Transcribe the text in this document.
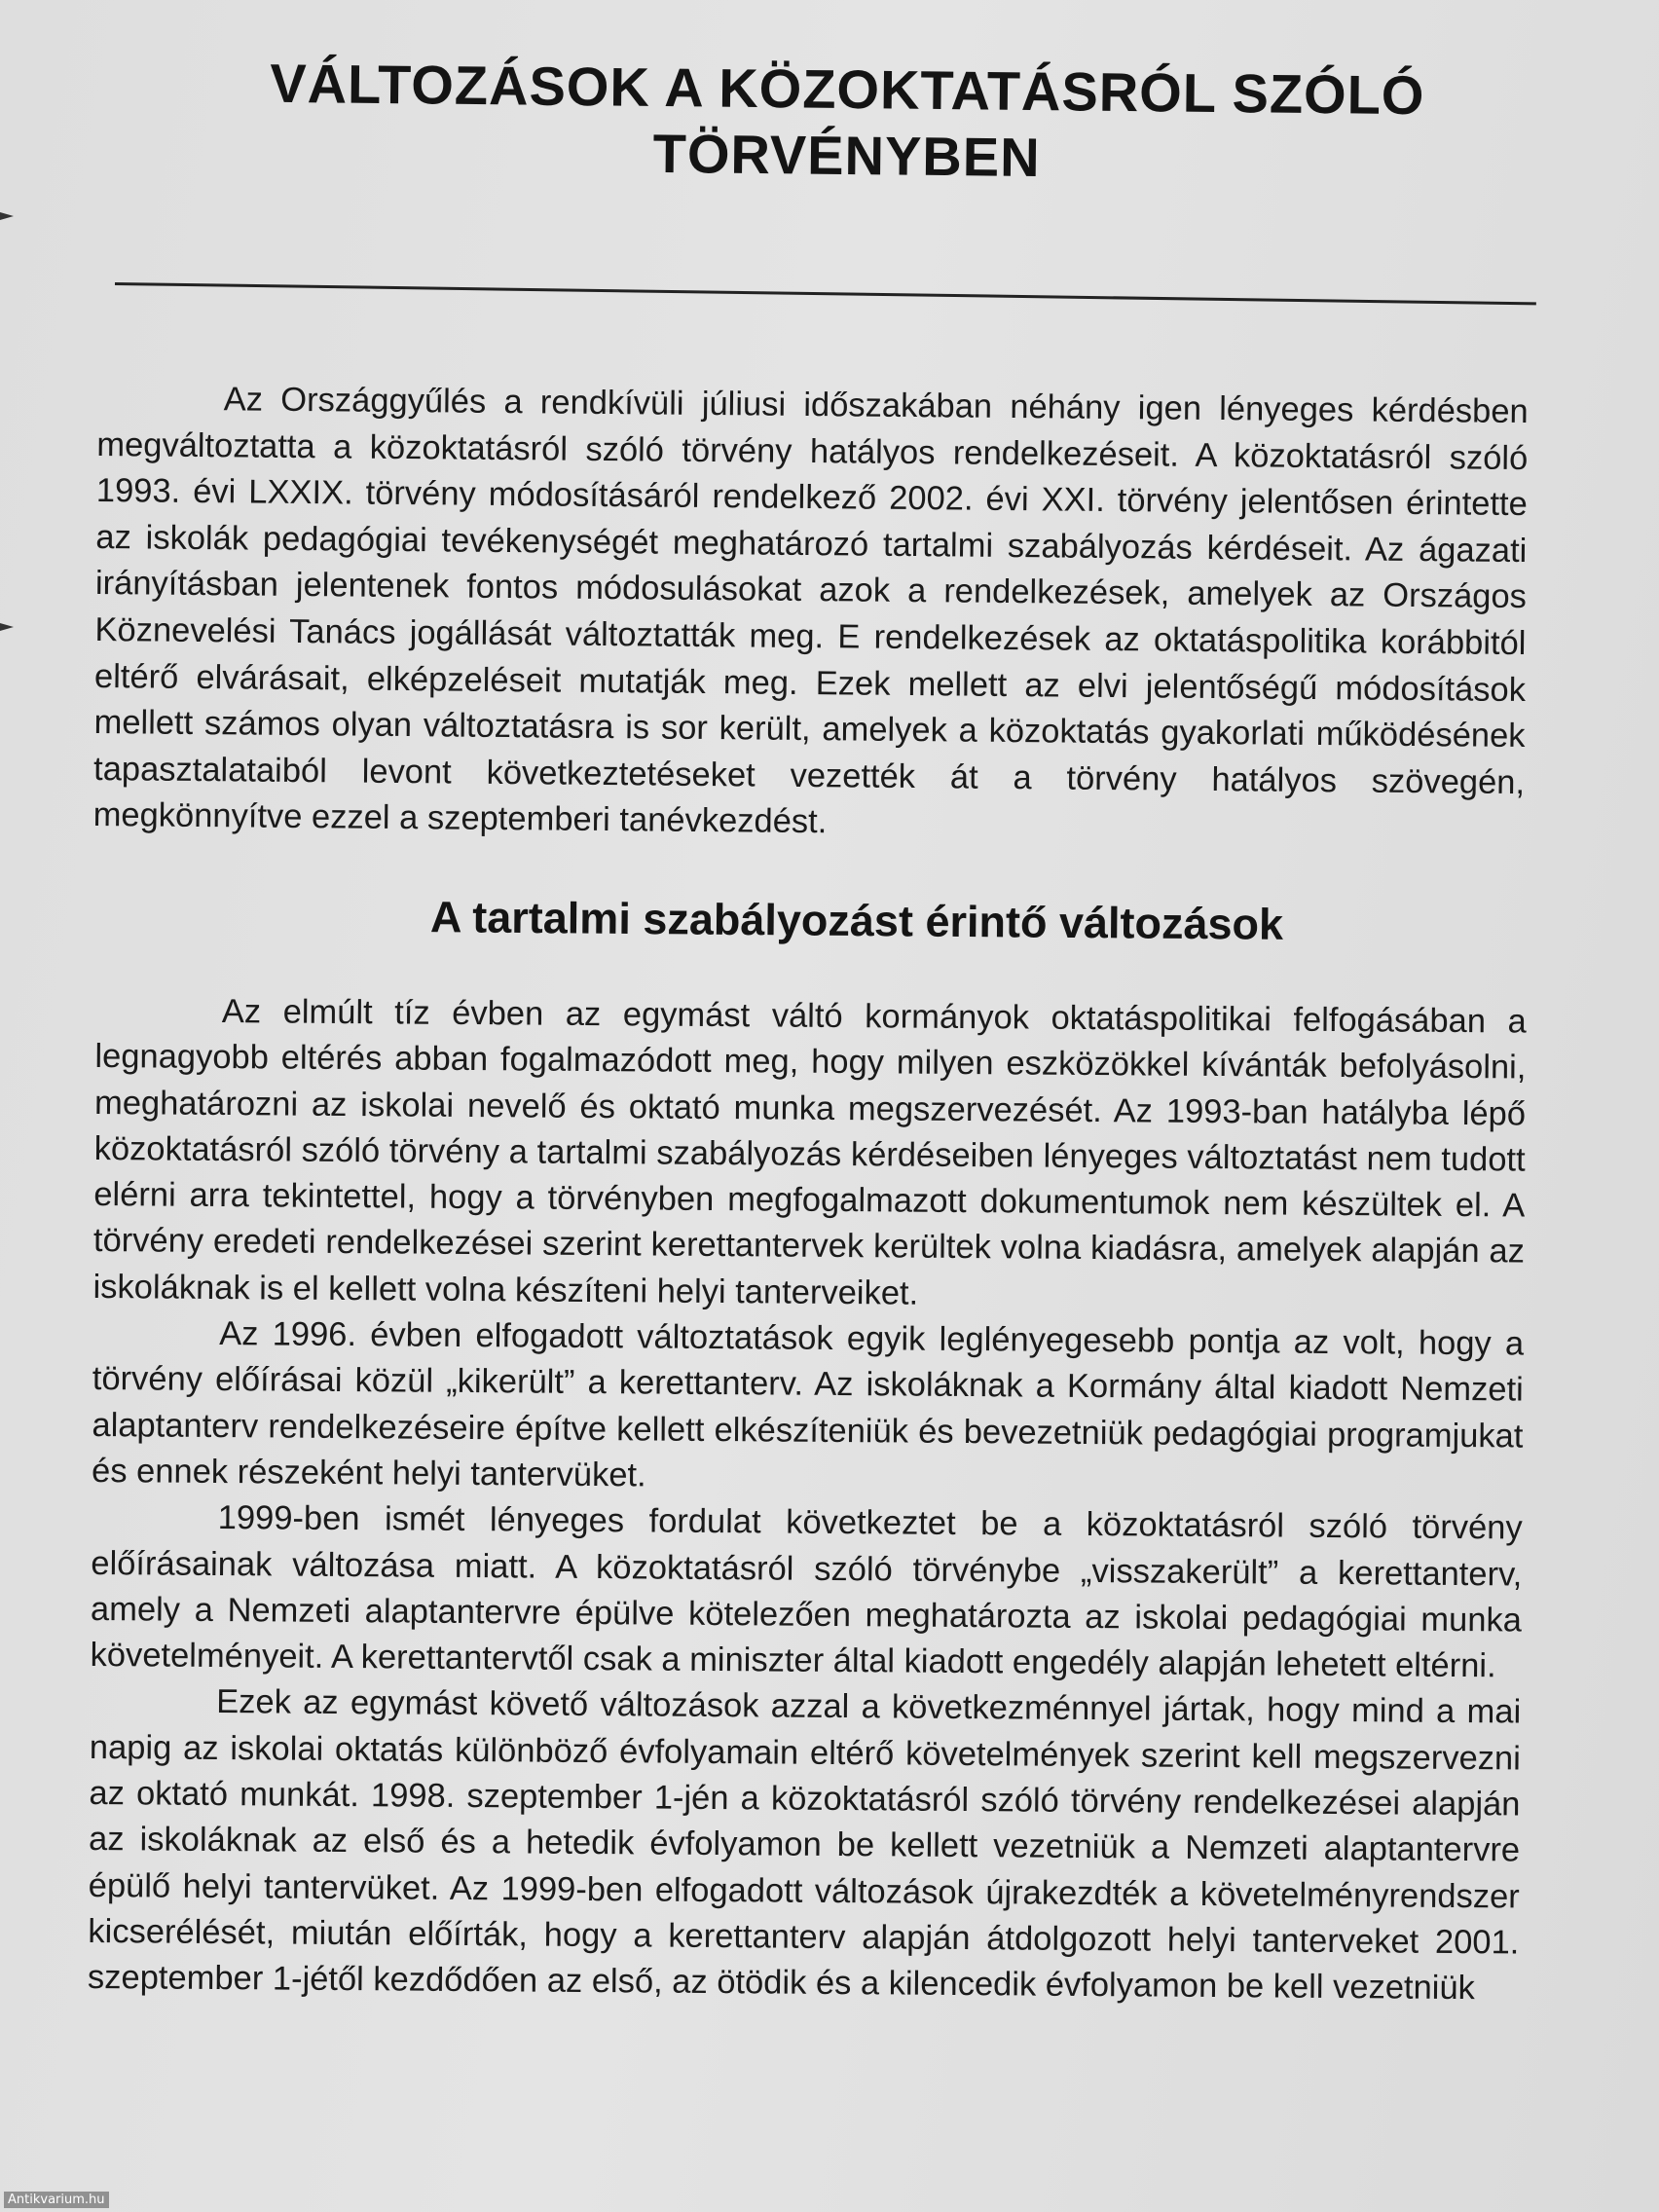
VÁLTOZÁSOK A KÖZOKTATÁSRÓL SZÓLÓ
TÖRVÉNYBEN

Az Országgyűlés a rendkívüli júliusi időszakában néhány igen lényeges kérdésben megváltoztatta a közoktatásról szóló törvény hatályos rendelkezéseit. A közoktatásról szóló 1993. évi LXXIX. törvény módosításáról rendelkező 2002. évi XXI. törvény jelentősen érintette az iskolák pedagógiai tevékenységét meghatározó tartalmi szabályozás kérdéseit. Az ágazati irányításban jelentenek fontos módosulásokat azok a rendelkezések, amelyek az Országos Köznevelési Tanács jogállását változtatták meg. E rendelkezések az oktatáspolitika korábbitól eltérő elvárásait, elképzeléseit mutatják meg. Ezek mellett az elvi jelentőségű módosítások mellett számos olyan változtatásra is sor került, amelyek a közoktatás gyakorlati működésének tapasztalataiból levont következtetéseket vezették át a törvény hatályos szövegén, megkönnyítve ezzel a szeptemberi tanévkezdést.

A tartalmi szabályozást érintő változások

Az elmúlt tíz évben az egymást váltó kormányok oktatáspolitikai felfogásában a legnagyobb eltérés abban fogalmazódott meg, hogy milyen eszközökkel kívánták befolyásolni, meghatározni az iskolai nevelő és oktató munka megszervezését. Az 1993-ban hatályba lépő közoktatásról szóló törvény a tartalmi szabályozás kérdéseiben lényeges változtatást nem tudott elérni arra tekintettel, hogy a törvényben megfogalmazott dokumentumok nem készültek el. A törvény eredeti rendelkezései szerint kerettantervek kerültek volna kiadásra, amelyek alapján az iskoláknak is el kellett volna készíteni helyi tanterveiket.

Az 1996. évben elfogadott változtatások egyik leglényegesebb pontja az volt, hogy a törvény előírásai közül „kikerült” a kerettanterv. Az iskoláknak a Kormány által kiadott Nemzeti alaptanterv rendelkezéseire építve kellett elkészíteniük és bevezetniük pedagógiai programjukat és ennek részeként helyi tantervüket.

1999-ben ismét lényeges fordulat következtet be a közoktatásról szóló törvény előírásainak változása miatt. A közoktatásról szóló törvénybe „visszakerült” a kerettanterv, amely a Nemzeti alaptantervre épülve kötelezően meghatározta az iskolai pedagógiai munka követelményeit. A kerettantervtől csak a miniszter által kiadott engedély alapján lehetett eltérni.

Ezek az egymást követő változások azzal a következménnyel jártak, hogy mind a mai napig az iskolai oktatás különböző évfolyamain eltérő követelmények szerint kell megszervezni az oktató munkát. 1998. szeptember 1-jén a közoktatásról szóló törvény rendelkezései alapján az iskoláknak az első és a hetedik évfolyamon be kellett vezetniük a Nemzeti alaptantervre épülő helyi tantervüket. Az 1999-ben elfogadott változások újrakezdték a követelményrendszer kicserélését, miután előírták, hogy a kerettanterv alapján átdolgozott helyi tanterveket 2001. szeptember 1-jétől kezdődően az első, az ötödik és a kilencedik évfolyamon be kell vezetniük

Antikvarium.hu
